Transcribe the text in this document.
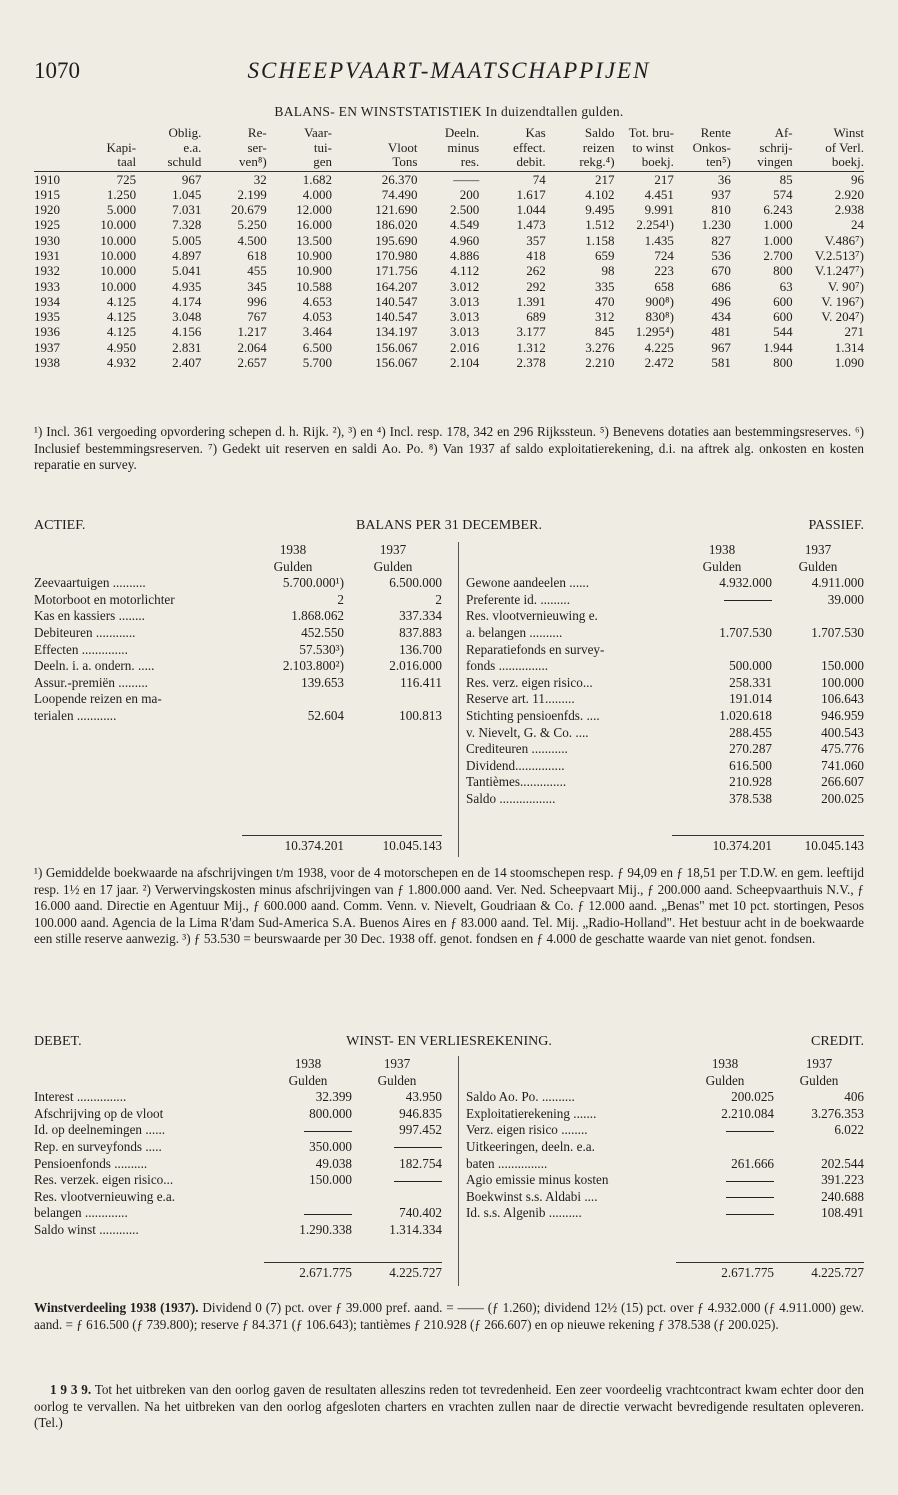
1070	SCHEEPVAART-MAATSCHAPPIJEN
BALANS- EN WINSTSTATISTIEK In duizendtallen gulden.
		Oblig.	Re-	Vaar-		Deeln.	Kas	Saldo	Tot. bru-	Rente	Af-	Winst
	Kapi-	e.a.	ser-	tui-	Vloot	minus	effect.	reizen	to winst	Onkos-	schrij-	of Verl.
	taal	schuld	ven⁸)	gen	Tons	res.	debit.	rekg.⁴)	boekj.	ten⁵)	vingen	boekj.
1910	725	967	32	1.682	26.370	——	74	217	217	36	85	96
1915	1.250	1.045	2.199	4.000	74.490	200	1.617	4.102	4.451	937	574	2.920
1920	5.000	7.031	20.679	12.000	121.690	2.500	1.044	9.495	9.991	810	6.243	2.938
1925	10.000	7.328	5.250	16.000	186.020	4.549	1.473	1.512	2.254¹)	1.230	1.000	24
1930	10.000	5.005	4.500	13.500	195.690	4.960	357	1.158	1.435	827	1.000	V.486⁷)
1931	10.000	4.897	618	10.900	170.980	4.886	418	659	724	536	2.700	V.2.513⁷)
1932	10.000	5.041	455	10.900	171.756	4.112	262	98	223	670	800	V.1.247⁷)
1933	10.000	4.935	345	10.588	164.207	3.012	292	335	658	686	63	V. 90⁷)
1934	4.125	4.174	996	4.653	140.547	3.013	1.391	470	900⁸)	496	600	V. 196⁷)
1935	4.125	3.048	767	4.053	140.547	3.013	689	312	830⁸)	434	600	V. 204⁷)
1936	4.125	4.156	1.217	3.464	134.197	3.013	3.177	845	1.295⁴)	481	544	271
1937	4.950	2.831	2.064	6.500	156.067	2.016	1.312	3.276	4.225	967	1.944	1.314
1938	4.932	2.407	2.657	5.700	156.067	2.104	2.378	2.210	2.472	581	800	1.090
¹) Incl. 361 vergoeding opvordering schepen d. h. Rijk. ²), ³) en ⁴) Incl. resp. 178, 342 en 296 Rijkssteun. ⁵) Benevens dotaties aan bestemmingsreserves. ⁶) Inclusief bestemmingsreserven. ⁷) Gedekt uit reserven en saldi Ao. Po. ⁸) Van 1937 af saldo exploitatierekening, d.i. na aftrek alg. onkosten en kosten reparatie en survey.
ACTIEF.	BALANS PER 31 DECEMBER.	PASSIEF.
	1938	1937
	Gulden	Gulden
Zeevaartuigen ..........	5.700.000¹)	6.500.000
Motorboot en motorlichter	2	2
Kas en kassiers ........	1.868.062	337.334
Debiteuren ............	452.550	837.883
Effecten ..............	57.530³)	136.700
Deeln. i. a. ondern. .....	2.103.800²)	2.016.000
Assur.-premiën .........	139.653	116.411
Loopende reizen en ma-		
terialen ............	52.604	100.813
	10.374.201	10.045.143
	1938	1937
	Gulden	Gulden
Gewone aandeelen ......	4.932.000	4.911.000
Preferente id. .........		39.000
Res. vlootvernieuwing e.		
a. belangen ..........	1.707.530	1.707.530
Reparatiefonds en survey-		
fonds ...............	500.000	150.000
Res. verz. eigen risico...	258.331	100.000
Reserve art. 11.........	191.014	106.643
Stichting pensioenfds. ....	1.020.618	946.959
v. Nievelt, G. & Co. ....	288.455	400.543
Crediteuren ...........	270.287	475.776
Dividend...............	616.500	741.060
Tantièmes..............	210.928	266.607
Saldo .................	378.538	200.025
	10.374.201	10.045.143
¹) Gemiddelde boekwaarde na afschrijvingen t/m 1938, voor de 4 motorschepen en de 14 stoomschepen resp. ƒ 94,09 en ƒ 18,51 per T.D.W. en gem. leeftijd resp. 1½ en 17 jaar. ²) Verwervingskosten minus afschrijvingen van ƒ 1.800.000 aand. Ver. Ned. Scheepvaart Mij., ƒ 200.000 aand. Scheepvaarthuis N.V., ƒ 16.000 aand. Directie en Agentuur Mij., ƒ 600.000 aand. Comm. Venn. v. Nievelt, Goudriaan & Co. ƒ 12.000 aand. „Benas" met 10 pct. stortingen, Pesos 100.000 aand. Agencia de la Lima R'dam Sud-America S.A. Buenos Aires en ƒ 83.000 aand. Tel. Mij. „Radio-Holland". Het bestuur acht in de boekwaarde een stille reserve aanwezig. ³) ƒ 53.530 = beurswaarde per 30 Dec. 1938 off. genot. fondsen en ƒ 4.000 de geschatte waarde van niet genot. fondsen.
DEBET.	WINST- EN VERLIESREKENING.	CREDIT.
	1938	1937
	Gulden	Gulden
Interest ...............	32.399	43.950
Afschrijving op de vloot	800.000	946.835
Id. op deelnemingen ......		997.452
Rep. en surveyfonds .....	350.000	
Pensioenfonds ..........	49.038	182.754
Res. verzek. eigen risico...	150.000	
Res. vlootvernieuwing e.a.		
belangen .............		740.402
Saldo winst ............	1.290.338	1.314.334
	2.671.775	4.225.727
	1938	1937
	Gulden	Gulden
Saldo Ao. Po. ..........	200.025	406
Exploitatierekening .......	2.210.084	3.276.353
Verz. eigen risico ........		6.022
Uitkeeringen, deeln. e.a.		
baten ...............	261.666	202.544
Agio emissie minus kosten		391.223
Boekwinst s.s. Aldabi ....		240.688
Id. s.s. Algenib ..........		108.491
	2.671.775	4.225.727
Winstverdeeling 1938 (1937). Dividend 0 (7) pct. over ƒ 39.000 pref. aand. = —— (ƒ 1.260); dividend 12½ (15) pct. over ƒ 4.932.000 (ƒ 4.911.000) gew. aand. = ƒ 616.500 (ƒ 739.800); reserve ƒ 84.371 (ƒ 106.643); tantièmes ƒ 210.928 (ƒ 266.607) en op nieuwe rekening ƒ 378.538 (ƒ 200.025).
1 9 3 9. Tot het uitbreken van den oorlog gaven de resultaten alleszins reden tot tevredenheid. Een zeer voordeelig vrachtcontract kwam echter door den oorlog te vervallen. Na het uitbreken van den oorlog afgesloten charters en vrachten zullen naar de directie verwacht bevredigende resultaten opleveren. (Tel.)
